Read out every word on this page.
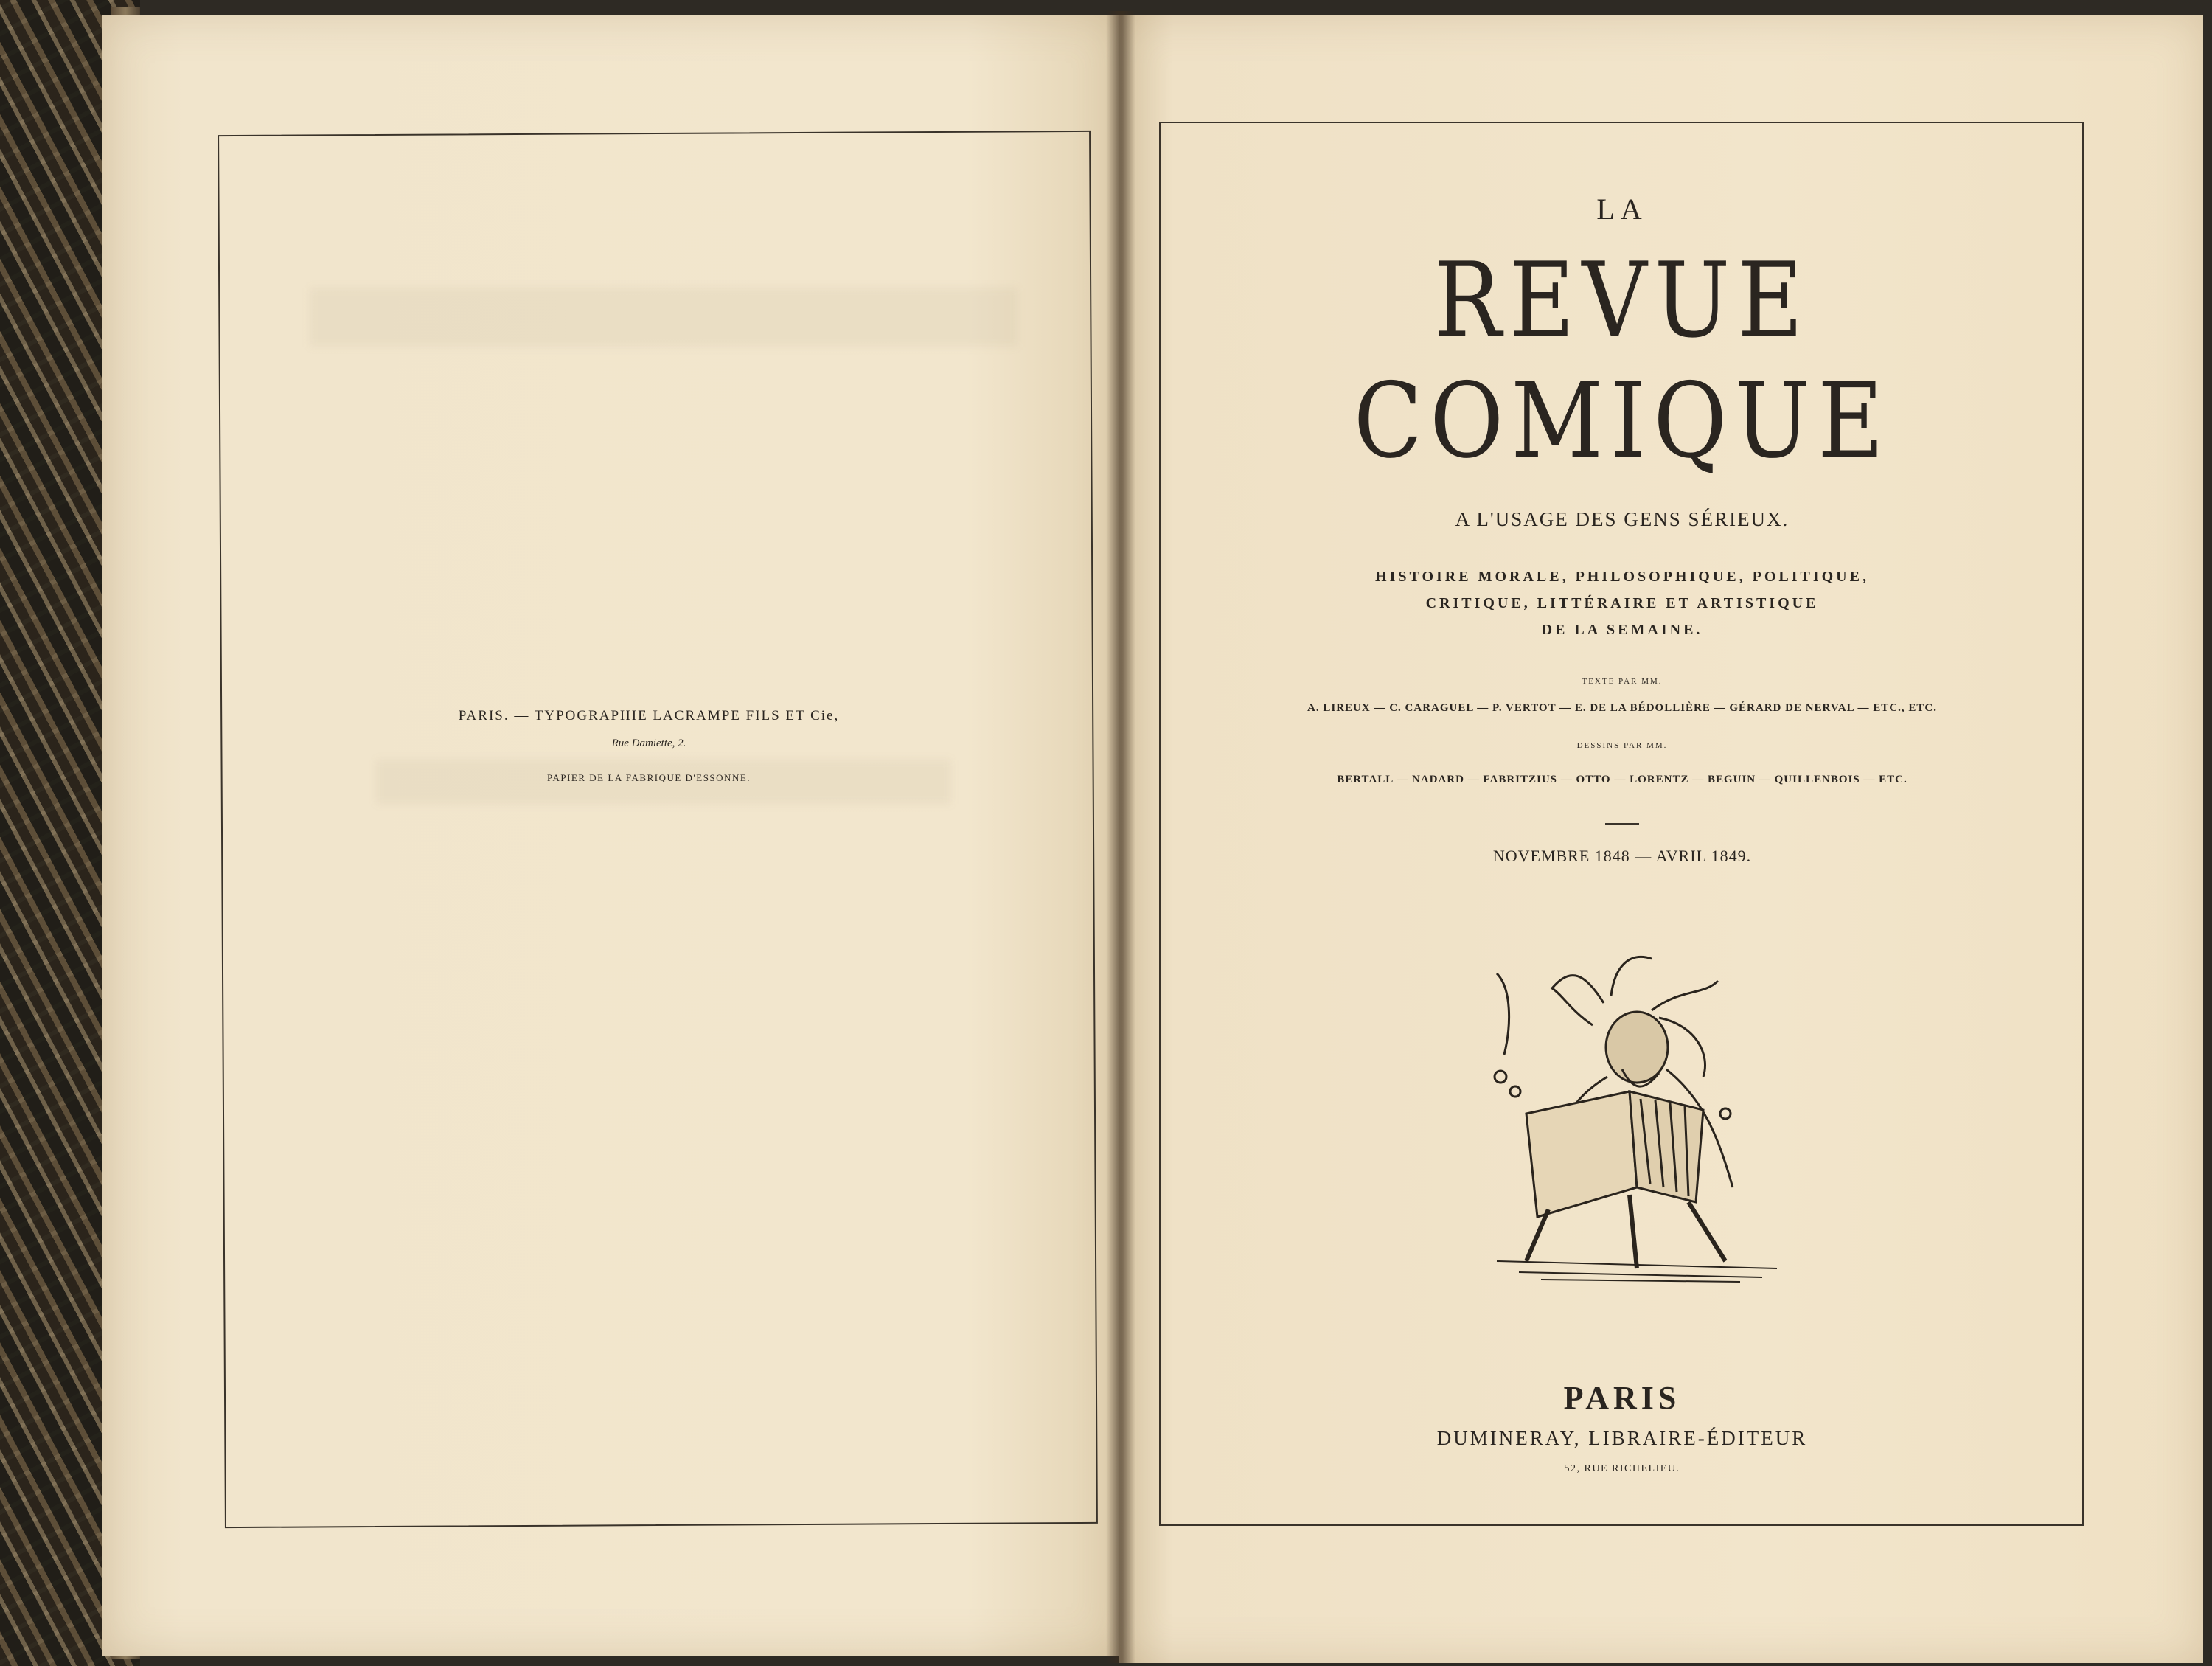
PARIS. — TYPOGRAPHIE LACRAMPE FILS ET Cie,
Rue Damiette, 2.
PAPIER DE LA FABRIQUE D'ESSONNE.
LA
REVUE COMIQUE
A L'USAGE DES GENS SÉRIEUX.
HISTOIRE MORALE, PHILOSOPHIQUE, POLITIQUE,
CRITIQUE, LITTÉRAIRE ET ARTISTIQUE
DE LA SEMAINE.
TEXTE PAR MM.
A. LIREUX — C. CARAGUEL — P. VERTOT — E. DE LA BÉDOLLIÈRE — GÉRARD DE NERVAL — ETC., ETC.
DESSINS PAR MM.
BERTALL — NADARD — FABRITZIUS — OTTO — LORENTZ — BEGUIN — QUILLENBOIS — ETC.
NOVEMBRE 1848 — AVRIL 1849.
PARIS
DUMINERAY, LIBRAIRE-ÉDITEUR
52, RUE RICHELIEU.
